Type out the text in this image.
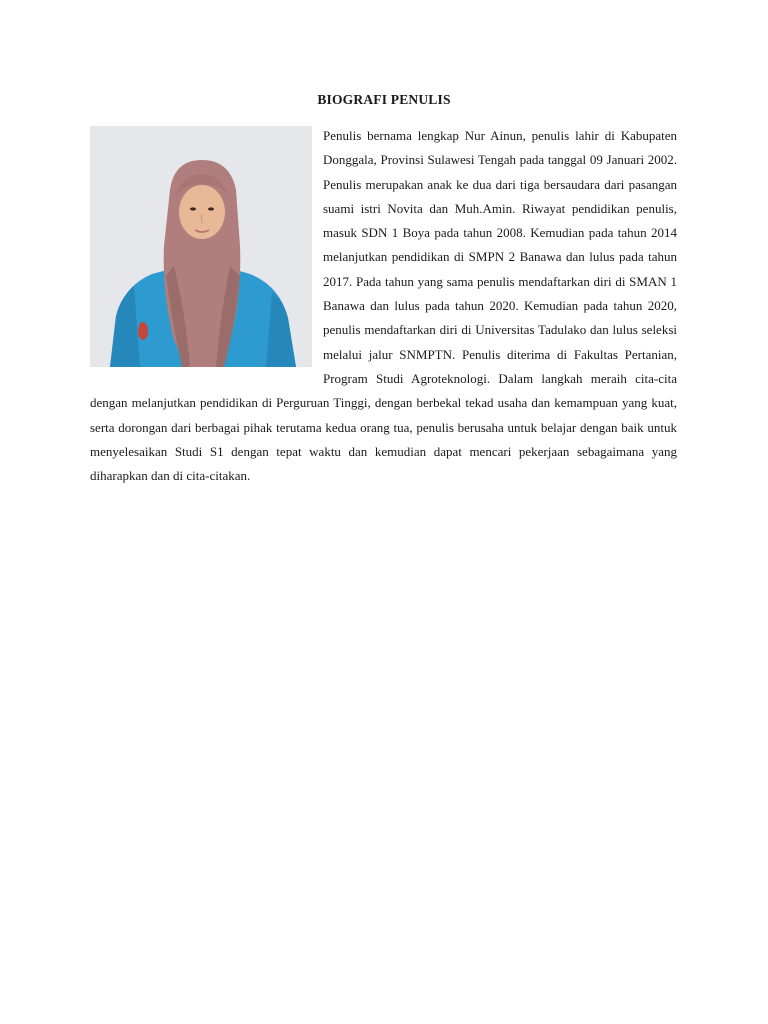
BIOGRAFI PENULIS

Penulis bernama lengkap Nur Ainun, penulis lahir di Kabupaten Donggala, Provinsi Sulawesi Tengah pada tanggal 09 Januari 2002. Penulis merupakan anak ke dua dari tiga bersaudara dari pasangan suami istri Novita dan Muh.Amin. Riwayat pendidikan penulis, masuk SDN 1 Boya pada tahun 2008. Kemudian pada tahun 2014 melanjutkan pendidikan di SMPN 2 Banawa dan lulus pada tahun 2017. Pada tahun yang sama penulis mendaftarkan diri di SMAN 1 Banawa dan lulus pada tahun 2020. Kemudian pada tahun 2020, penulis mendaftarkan diri di Universitas Tadulako dan lulus seleksi melalui jalur SNMPTN. Penulis diterima di Fakultas Pertanian, Program Studi Agroteknologi. Dalam langkah meraih cita-cita dengan melanjutkan pendidikan di Perguruan Tinggi, dengan berbekal tekad usaha dan kemampuan yang kuat, serta dorongan dari berbagai pihak terutama kedua orang tua, penulis berusaha untuk belajar dengan baik untuk menyelesaikan Studi S1 dengan tepat waktu dan kemudian dapat mencari pekerjaan sebagaimana yang diharapkan dan di cita-citakan.
